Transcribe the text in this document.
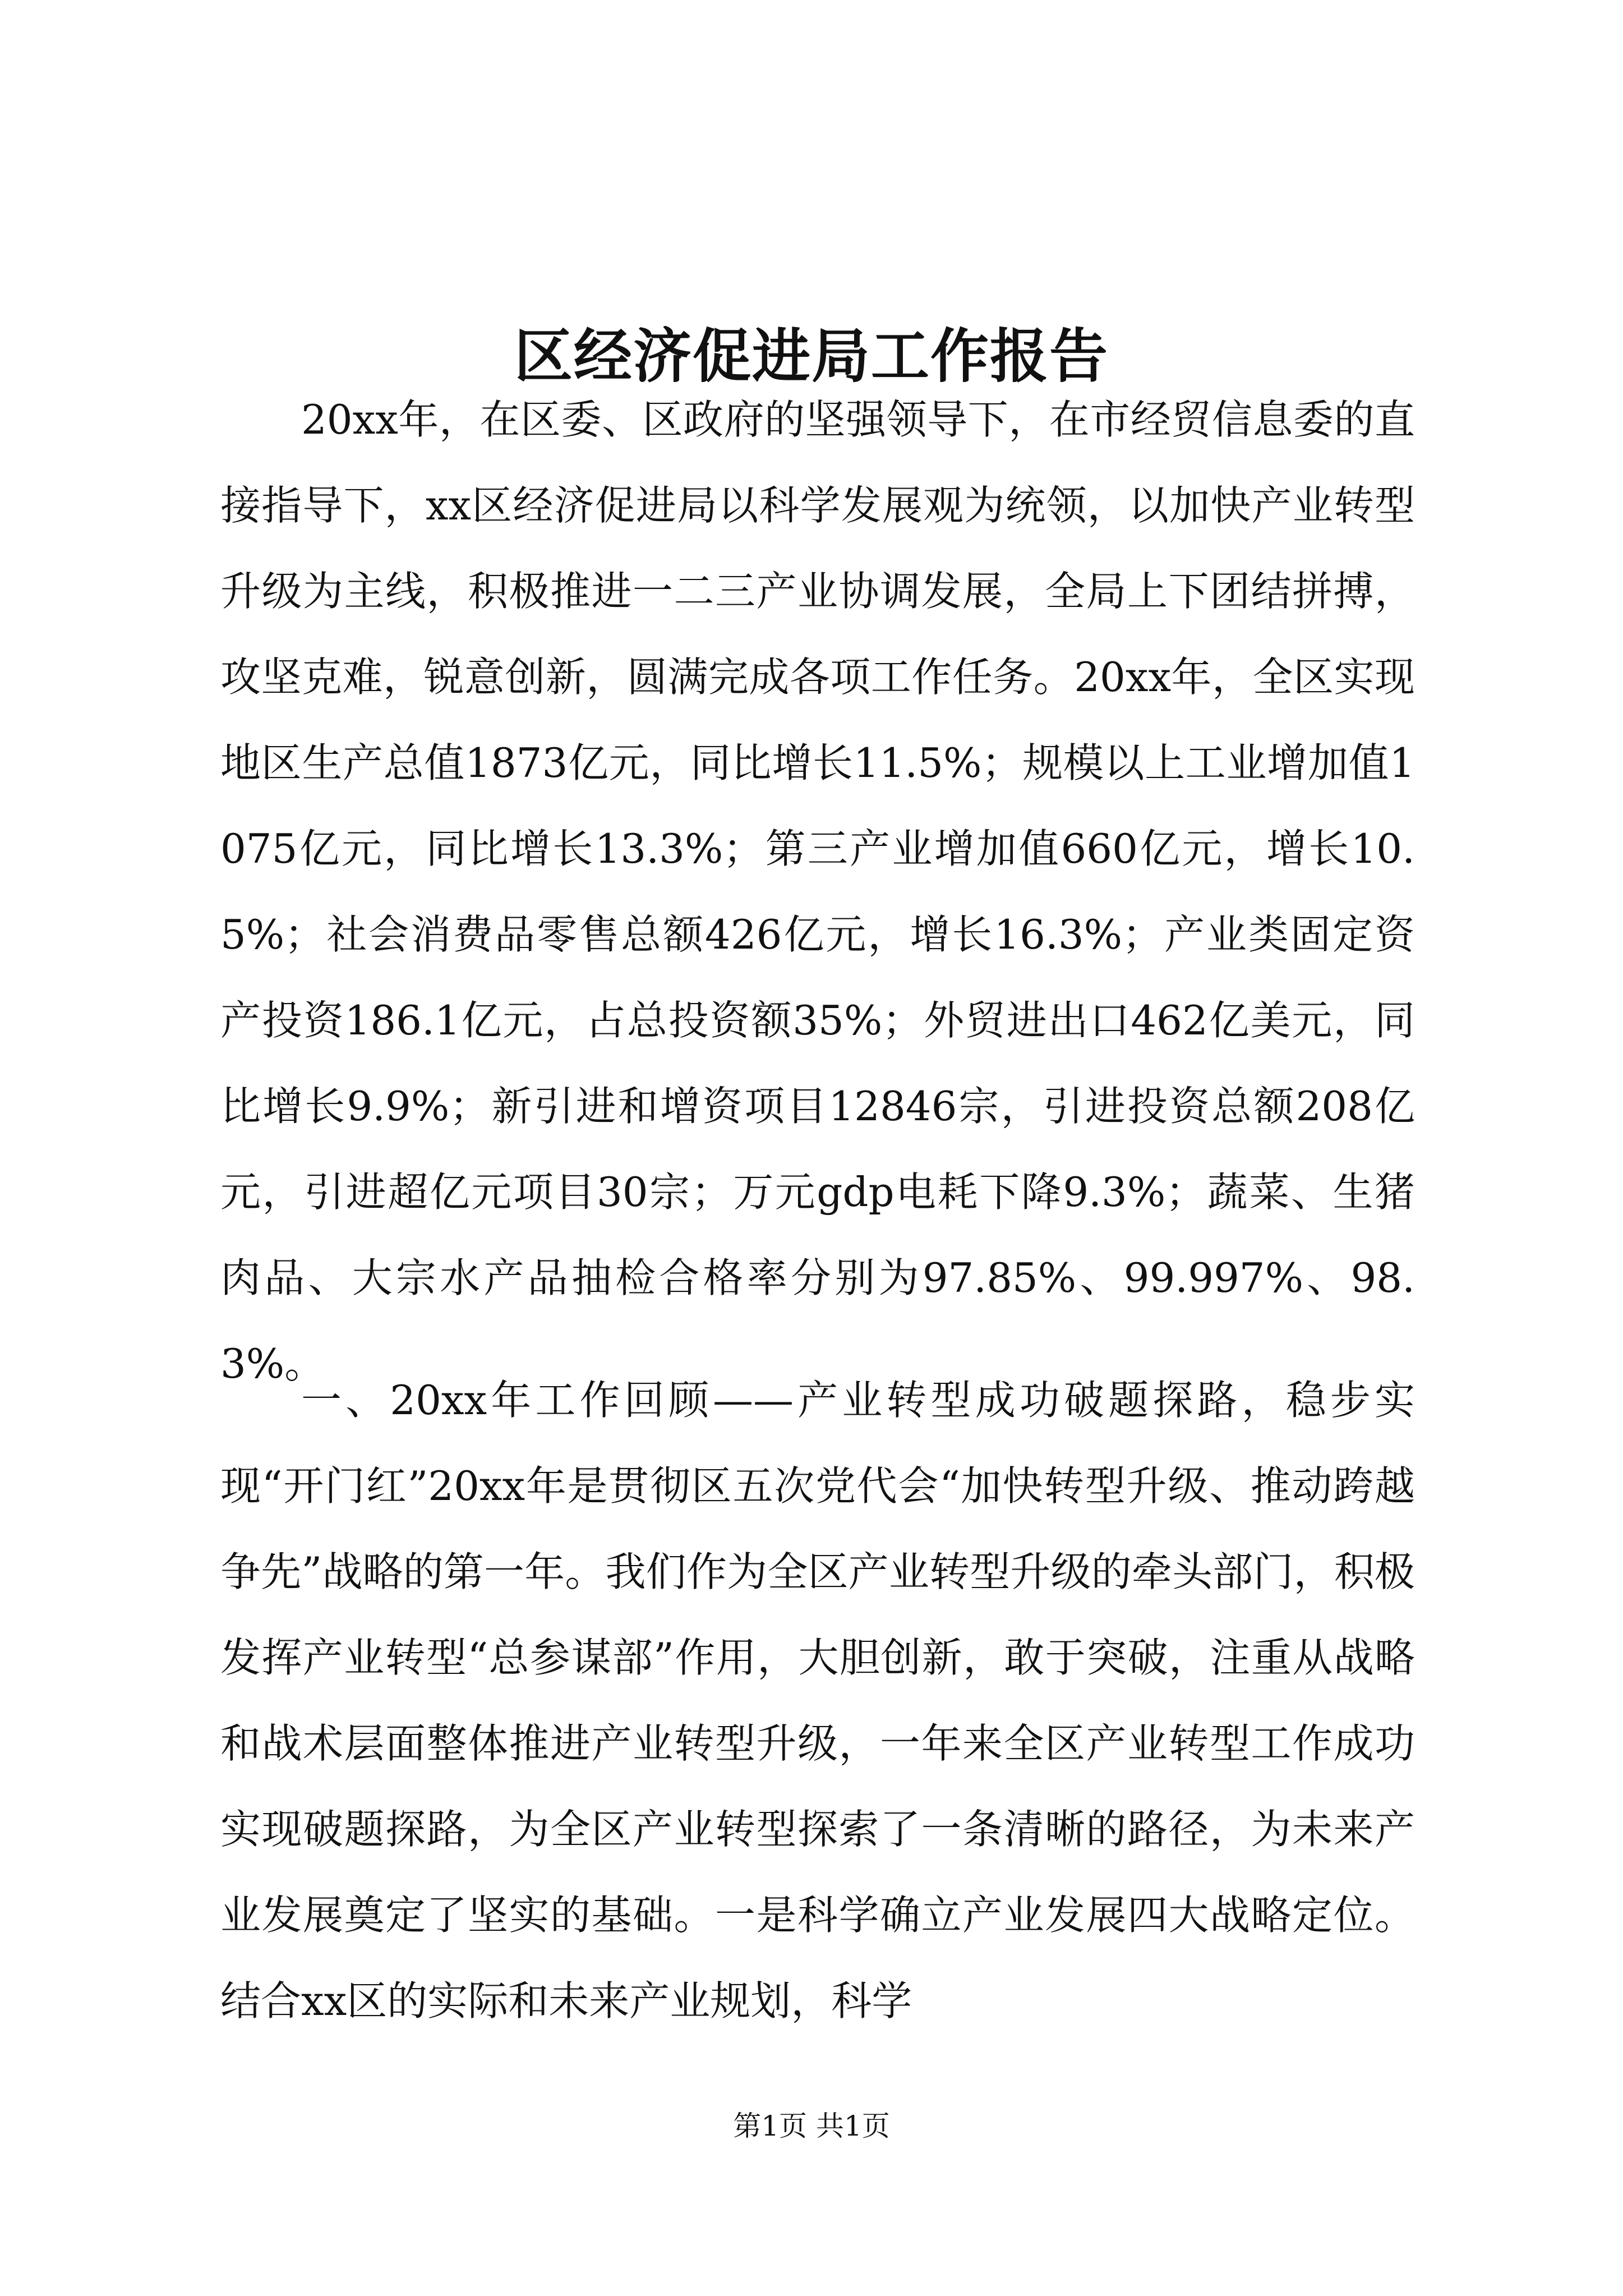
区经济促进局工作报告

20xx年，在区委、区政府的坚强领导下，在市经贸信息委的直接指导下，xx区经济促进局以科学发展观为统领，以加快产业转型升级为主线，积极推进一二三产业协调发展，全局上下团结拼搏，攻坚克难，锐意创新，圆满完成各项工作任务。20xx年，全区实现地区生产总值1873亿元，同比增长11.5%；规模以上工业增加值1075亿元，同比增长13.3%；第三产业增加值660亿元，增长10.5%；社会消费品零售总额426亿元，增长16.3%；产业类固定资产投资186.1亿元，占总投资额35%；外贸进出口462亿美元，同比增长9.9%；新引进和增资项目12846宗，引进投资总额208亿元，引进超亿元项目30宗；万元gdp电耗下降9.3%；蔬菜、生猪肉品、大宗水产品抽检合格率分别为97.85%、99.997%、98.3%。

一、20xx年工作回顾——产业转型成功破题探路，稳步实现“开门红”20xx年是贯彻区五次党代会“加快转型升级、推动跨越争先”战略的第一年。我们作为全区产业转型升级的牵头部门，积极发挥产业转型“总参谋部”作用，大胆创新，敢于突破，注重从战略和战术层面整体推进产业转型升级，一年来全区产业转型工作成功实现破题探路，为全区产业转型探索了一条清晰的路径，为未来产业发展奠定了坚实的基础。一是科学确立产业发展四大战略定位。结合xx区的实际和未来产业规划，科学

第1页 共1页
